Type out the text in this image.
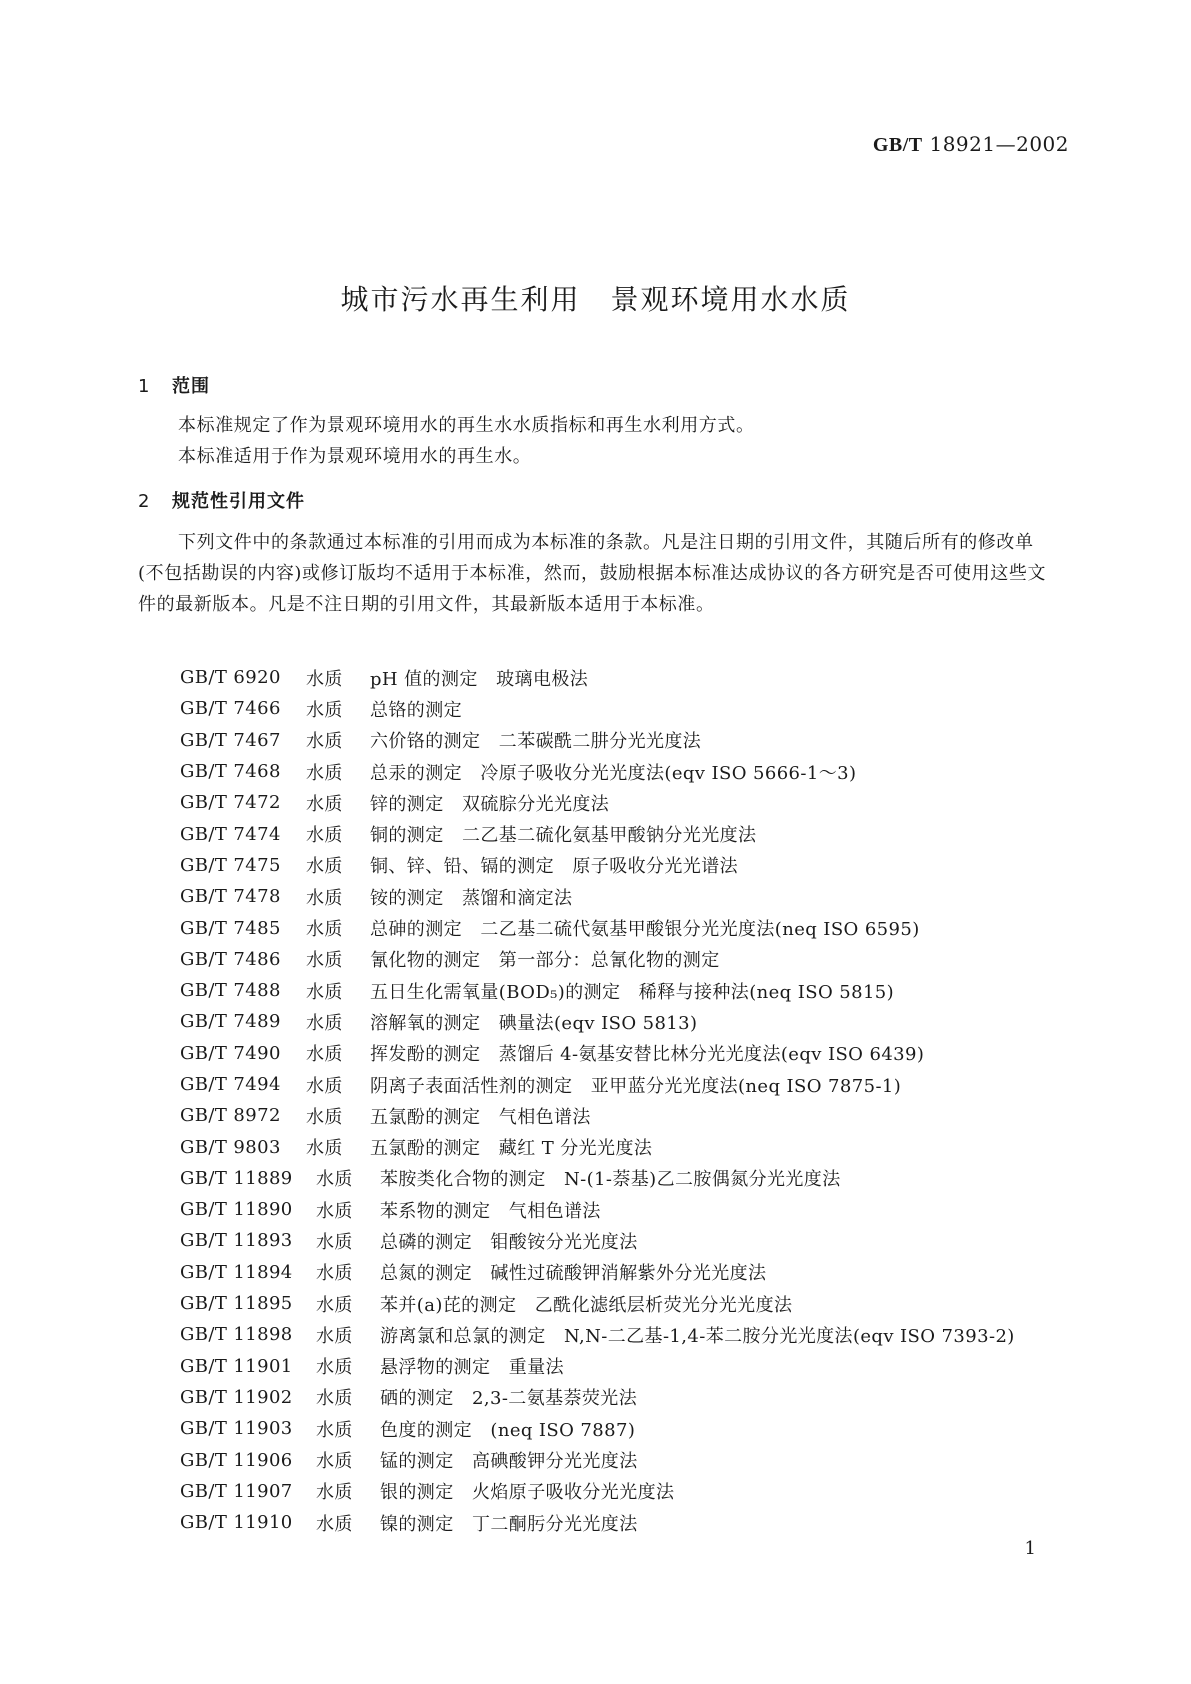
GB/T 18921—2002
城市污水再生利用　景观环境用水水质
1 范围
本标准规定了作为景观环境用水的再生水水质指标和再生水利用方式。
本标准适用于作为景观环境用水的再生水。
2 规范性引用文件
下列文件中的条款通过本标准的引用而成为本标准的条款。凡是注日期的引用文件，其随后所有的修改单(不包括勘误的内容)或修订版均不适用于本标准，然而，鼓励根据本标准达成协议的各方研究是否可使用这些文件的最新版本。凡是不注日期的引用文件，其最新版本适用于本标准。
GB/T 6920	水质	pH 值的测定　玻璃电极法
GB/T 7466	水质	总铬的测定
GB/T 7467	水质	六价铬的测定　二苯碳酰二肼分光光度法
GB/T 7468	水质	总汞的测定　冷原子吸收分光光度法(eqv ISO 5666-1～3)
GB/T 7472	水质	锌的测定　双硫腙分光光度法
GB/T 7474	水质	铜的测定　二乙基二硫化氨基甲酸钠分光光度法
GB/T 7475	水质	铜、锌、铅、镉的测定　原子吸收分光光谱法
GB/T 7478	水质	铵的测定　蒸馏和滴定法
GB/T 7485	水质	总砷的测定　二乙基二硫代氨基甲酸银分光光度法(neq ISO 6595)
GB/T 7486	水质	氰化物的测定　第一部分：总氰化物的测定
GB/T 7488	水质	五日生化需氧量(BOD₅)的测定　稀释与接种法(neq ISO 5815)
GB/T 7489	水质	溶解氧的测定　碘量法(eqv ISO 5813)
GB/T 7490	水质	挥发酚的测定　蒸馏后 4-氨基安替比林分光光度法(eqv ISO 6439)
GB/T 7494	水质	阴离子表面活性剂的测定　亚甲蓝分光光度法(neq ISO 7875-1)
GB/T 8972	水质	五氯酚的测定　气相色谱法
GB/T 9803	水质	五氯酚的测定　藏红 T 分光光度法
GB/T 11889	水质	苯胺类化合物的测定　N-(1-萘基)乙二胺偶氮分光光度法
GB/T 11890	水质	苯系物的测定　气相色谱法
GB/T 11893	水质	总磷的测定　钼酸铵分光光度法
GB/T 11894	水质	总氮的测定　碱性过硫酸钾消解紫外分光光度法
GB/T 11895	水质	苯并(a)芘的测定　乙酰化滤纸层析荧光分光光度法
GB/T 11898	水质	游离氯和总氯的测定　N,N-二乙基-1,4-苯二胺分光光度法(eqv ISO 7393-2)
GB/T 11901	水质	悬浮物的测定　重量法
GB/T 11902	水质	硒的测定　2,3-二氨基萘荧光法
GB/T 11903	水质	色度的测定　(neq ISO 7887)
GB/T 11906	水质	锰的测定　高碘酸钾分光光度法
GB/T 11907	水质	银的测定　火焰原子吸收分光光度法
GB/T 11910	水质	镍的测定　丁二酮肟分光光度法
1
